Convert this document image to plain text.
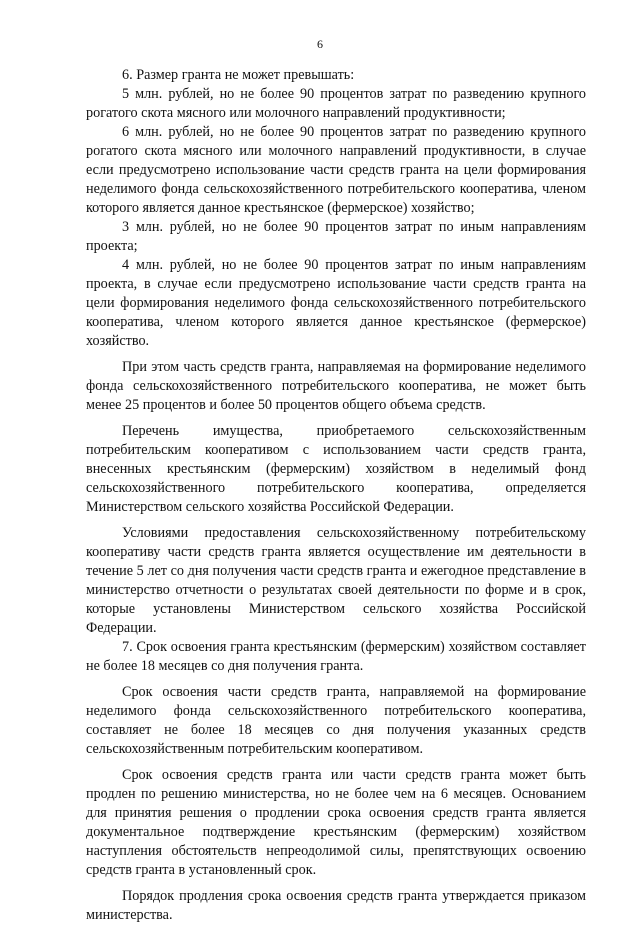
6

6. Размер гранта не может превышать:

5 млн. рублей, но не более 90 процентов затрат по разведению крупного рогатого скота мясного или молочного направлений продуктивности;

6 млн. рублей, но не более 90 процентов затрат по разведению крупного рогатого скота мясного или молочного направлений продуктивности, в случае если предусмотрено использование части средств гранта на цели формирования неделимого фонда сельскохозяйственного потребительского кооператива, членом которого является данное крестьянское (фермерское) хозяйство;

3 млн. рублей, но не более 90 процентов затрат по иным направлениям проекта;

4 млн. рублей, но не более 90 процентов затрат по иным направлениям проекта, в случае если предусмотрено использование части средств гранта на цели формирования неделимого фонда сельскохозяйственного потребительского кооператива, членом которого является данное крестьянское (фермерское) хозяйство.

При этом часть средств гранта, направляемая на формирование неделимого фонда сельскохозяйственного потребительского кооператива, не может быть менее 25 процентов и более 50 процентов общего объема средств.

Перечень имущества, приобретаемого сельскохозяйственным потребительским кооперативом с использованием части средств гранта, внесенных крестьянским (фермерским) хозяйством в неделимый фонд сельскохозяйственного потребительского кооператива, определяется Министерством сельского хозяйства Российской Федерации.

Условиями предоставления сельскохозяйственному потребительскому кооперативу части средств гранта является осуществление им деятельности в течение 5 лет со дня получения части средств гранта и ежегодное представление в министерство отчетности о результатах своей деятельности по форме и в срок, которые установлены Министерством сельского хозяйства Российской Федерации.

7. Срок освоения гранта крестьянским (фермерским) хозяйством составляет не более 18 месяцев со дня получения гранта.

Срок освоения части средств гранта, направляемой на формирование неделимого фонда сельскохозяйственного потребительского кооператива, составляет не более 18 месяцев со дня получения указанных средств сельскохозяйственным потребительским кооперативом.

Срок освоения средств гранта или части средств гранта может быть продлен по решению министерства, но не более чем на 6 месяцев. Основанием для принятия решения о продлении срока освоения средств гранта является документальное подтверждение крестьянским (фермерским) хозяйством наступления обстоятельств непреодолимой силы, препятствующих освоению средств гранта в установленный срок.

Порядок продления срока освоения средств гранта утверждается приказом министерства.
